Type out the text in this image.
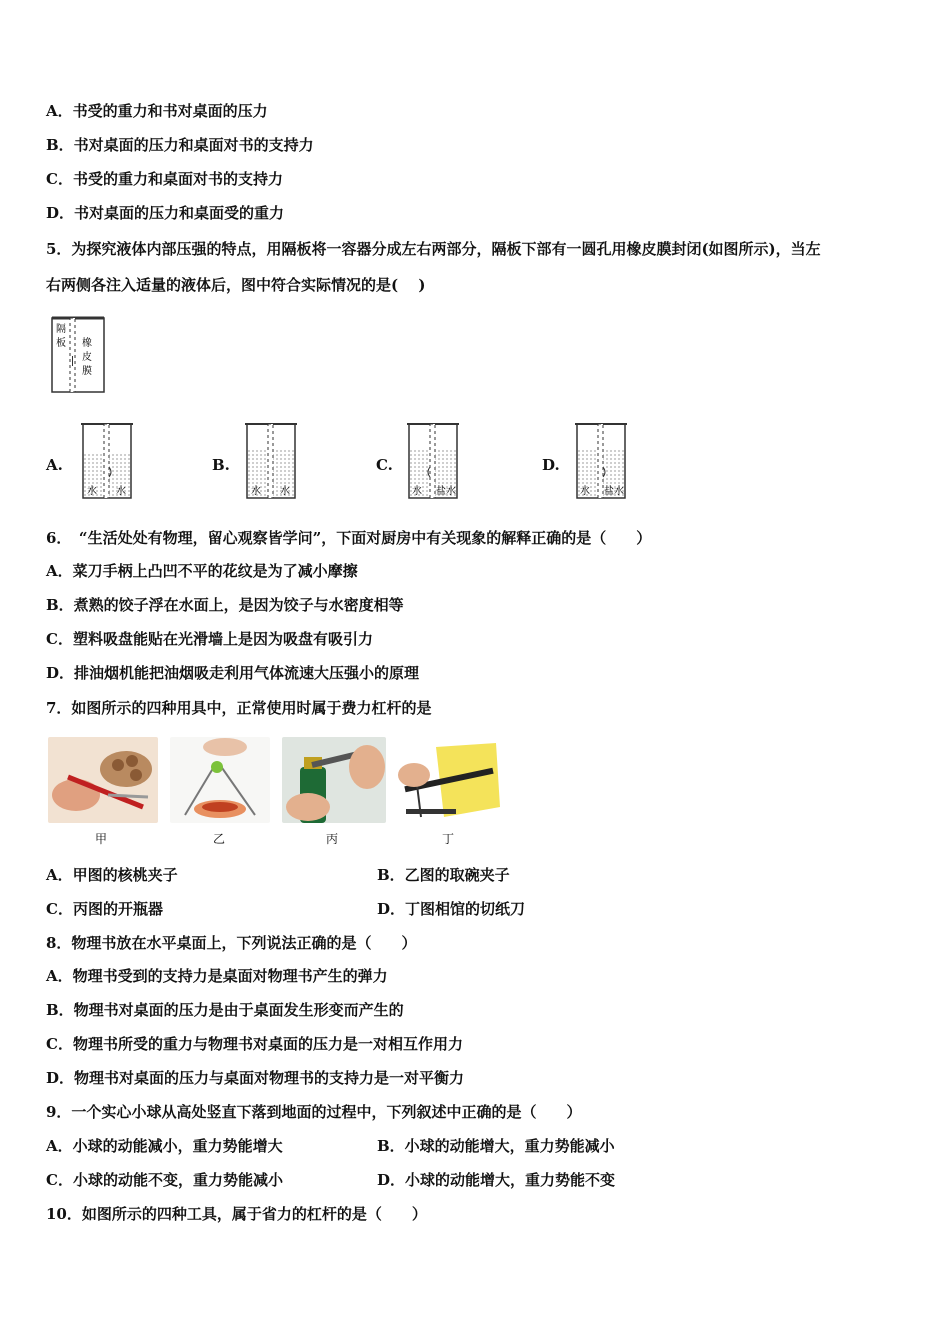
A．书受的重力和书对桌面的压力
B．书对桌面的压力和桌面对书的支持力
C．书受的重力和桌面对书的支持力
D．书对桌面的压力和桌面受的重力
5．为探究液体内部压强的特点，用隔板将一容器分成左右两部分，隔板下部有一圆孔用橡皮膜封闭(如图所示)，当左
右两侧各注入适量的液体后，图中符合实际情况的是(　 )
隔
板 橡
皮
膜
A.
水 水
B.
水 水
C.
水 盐水
D.
水 盐水
6．　“生活处处有物理，留心观察皆学问”，下面对厨房中有关现象的解释正确的是（　　）
A．菜刀手柄上凸凹不平的花纹是为了减小摩擦
B．煮熟的饺子浮在水面上，是因为饺子与水密度相等
C．塑料吸盘能贴在光滑墙上是因为吸盘有吸引力
D．排油烟机能把油烟吸走利用气体流速大压强小的原理
7．如图所示的四种用具中，正常使用时属于费力杠杆的是
甲	乙	丙	丁
A．甲图的核桃夹子	B．乙图的取碗夹子
C．丙图的开瓶器	D．丁图相馆的切纸刀
8．物理书放在水平桌面上，下列说法正确的是（　　）
A．物理书受到的支持力是桌面对物理书产生的弹力
B．物理书对桌面的压力是由于桌面发生形变而产生的
C．物理书所受的重力与物理书对桌面的压力是一对相互作用力
D．物理书对桌面的压力与桌面对物理书的支持力是一对平衡力
9．一个实心小球从高处竖直下落到地面的过程中，下列叙述中正确的是（　　）
A．小球的动能减小，重力势能增大	B．小球的动能增大，重力势能减小
C．小球的动能不变，重力势能减小	D．小球的动能增大，重力势能不变
10．如图所示的四种工具，属于省力的杠杆的是（　　）
